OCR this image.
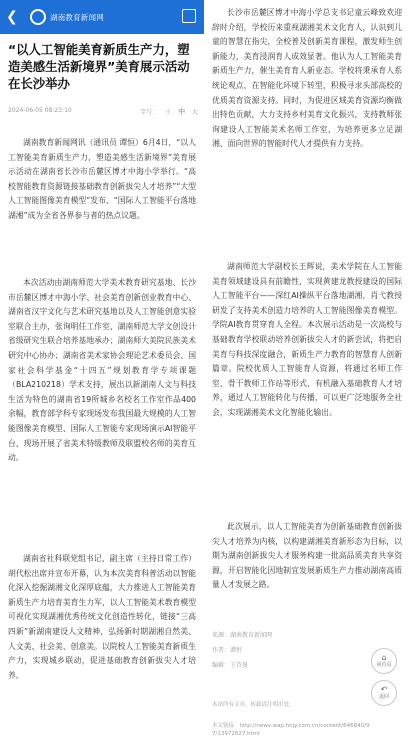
❮	湖南教育新闻网
“以人工智能美育新质生产力，塑造美感生活新境界”美育展示活动在长沙举办
2024-06-05 08:23:10	字号： 小 中 大
湖南教育新闻网讯（通讯员 谭恒）6月4日，“以人工智能美育新质生产力，塑造美感生活新境界”美育展示活动在湖南省长沙市岳麓区博才中海小学举行。“高校智能教育资源链接基础教育创新拔尖人才培养”“大型人工智能图像美育模型”发布、“国际人工智能平台落地湖湘”成为全省各界参与者的热点议题。
本次活动由湖南师范大学美术教育研究基地、长沙市岳麓区博才中海小学、社会美育创新创业教育中心、湖南省汉字文化与艺术研究基地以及人工智能创意实验室联合主办，张询明任工作室、湖南师范大学文创设计省级研究生联合培养基地承办；湖南师大美院民族美术研究中心协办；湖南省美术家协会理论艺术委员会、国家社会科学基金“十四五”规划教育学专项课题（BLA210218）学术支持，展出以新湖南人文与科技生活为特色的湖南省19所城乡名校名工作室作品400余幅，教育部学科专家现场发布我国最大规模的人工智能图像美育模型、国际人工智能专家现场演示AI智能平台，现场开展了省美术特级教师及联盟校名师的美育互动。
湖南省社科联党组书记、副主席（主持日常工作）胡代松出席并宣布开幕，认为本次美育科普活动以智能化深入挖掘湖湘文化深厚底蕴，大力推进人工智能美育新质生产力培育美育生力军，以人工智能美术教育模型可视化实现湖湘优秀传统文化创造性转化，链接“三高四新”新湖南建设人文精神，弘扬新时期湖湘自然美、人文美、社会美、创意美。以院校人工智能美育新质生产力，实现城乡联动，促进基础教育创新拔尖人才培养。
长沙市岳麓区博才中海小学总支书记童云峰致欢迎辞时介绍，学校历来重视湖湘美术文化育人，认识到儿童的智慧在指尖，全校普及创新美育课程，激发师生创新能力，美育浸润育人成效显著。他认为人工智能美育新质生产力，催生美育育人新业态。学校将秉承育人系统论观点，在智能化环境下转型，积极寻求头部高校的优质美育资源支持。同时，为促进区域美育资源均衡做出特色贡献，大力支持乡村美育文化振兴，支持教师张询建设人工智能美术名师工作室，为培养更多立足湖湘、面向世界的智能时代人才提供有力支持。
湖南师范大学副校长王辉说，美术学院在人工智能美育领域建设具有前瞻性，实现黄建龙教授建设的国际人工智能平台——深红AI操纵平台落地湖湘，肖弋教授研发了支持美术创造力培养的人工智能图像美育模型。学院AI教育贯穿育人全程。本次展示活动是一次高校与基础教育学校联动培养创新拔尖人才的新尝试，将把启美育与科技深度融合，新质生产力教育的智慧育人创新篇章。院校优质人工智能育人资源，将通过名师工作室、骨干教师工作站等形式，有机融入基础教育人才培养，通过人工智能转化与传播，可以更广泛地服务全社会，实现湖湘美术文化智能化输出。
此次展示，以人工智能美育为创新基础教育创新拔尖人才培养为内核，以构建湖湘美育新形态为目标，以期为湖南创新拔尖人才服务构建一批高品质美育共享资源，开启智能化因地制宜发展新质生产力推动湖南高质量人才发展之路。
来源：湖南教育新闻网
作者：谭恒
编辑：王诗曼
本站所有文章，转载请注明出处。
本文链接：http://news-wap.hnjy.com.cn/content/646840/97/13972627.html
⌂
回首页
↶
返回
